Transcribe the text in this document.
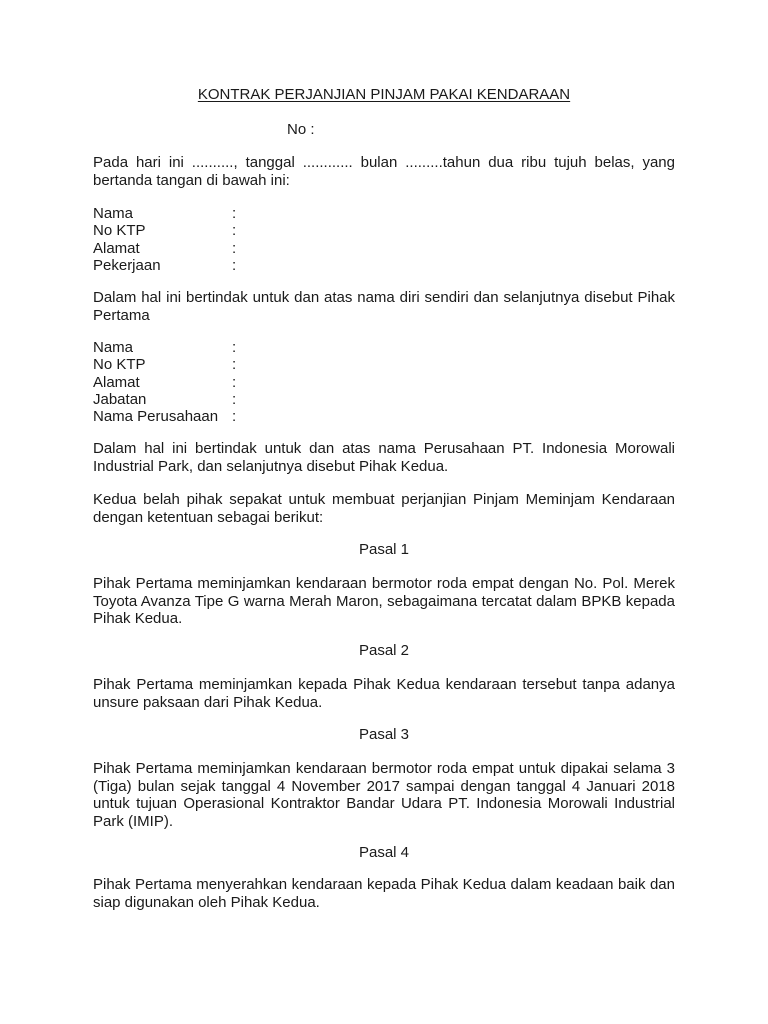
KONTRAK PERJANJIAN PINJAM PAKAI KENDARAAN
No :

Pada hari ini .........., tanggal ............ bulan .........tahun dua ribu tujuh belas, yang bertanda tangan di bawah ini:

Nama	:
No KTP	:
Alamat	:
Pekerjaan	:

Dalam hal ini bertindak untuk dan atas nama diri sendiri dan selanjutnya disebut Pihak Pertama

Nama	:
No KTP	:
Alamat	:
Jabatan	:
Nama Perusahaan :

Dalam hal ini bertindak untuk dan atas nama Perusahaan PT. Indonesia Morowali Industrial Park, dan selanjutnya disebut Pihak Kedua.

Kedua belah pihak sepakat untuk membuat perjanjian Pinjam Meminjam Kendaraan dengan ketentuan sebagai berikut:

Pasal 1

Pihak Pertama meminjamkan kendaraan bermotor roda empat dengan No. Pol. Merek Toyota Avanza Tipe G warna Merah Maron, sebagaimana tercatat dalam BPKB kepada Pihak Kedua.

Pasal 2

Pihak Pertama meminjamkan kepada Pihak Kedua kendaraan tersebut tanpa adanya unsure paksaan dari Pihak Kedua.

Pasal 3

Pihak Pertama meminjamkan kendaraan bermotor roda empat untuk dipakai selama 3 (Tiga) bulan sejak tanggal 4 November 2017 sampai dengan tanggal 4 Januari 2018 untuk tujuan Operasional Kontraktor Bandar Udara PT. Indonesia Morowali Industrial Park (IMIP).

Pasal 4

Pihak Pertama menyerahkan kendaraan kepada Pihak Kedua dalam keadaan baik dan siap digunakan oleh Pihak Kedua.
